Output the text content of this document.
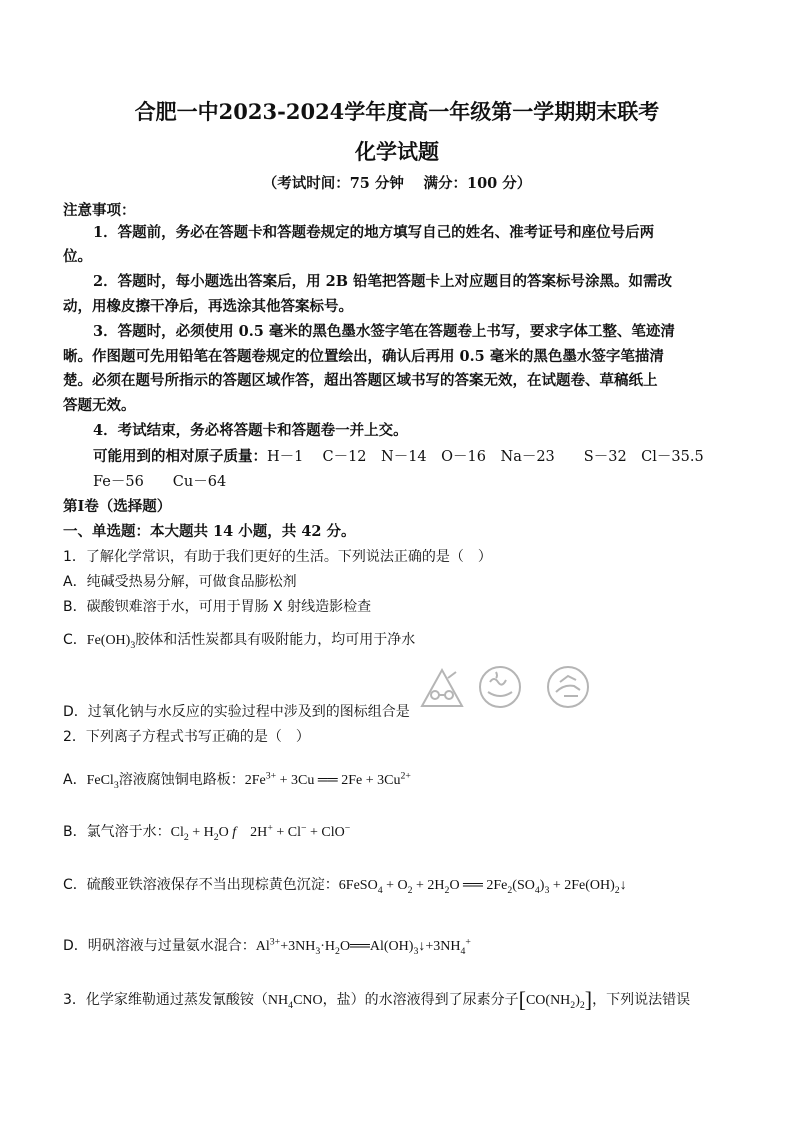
合肥一中2023-2024学年度高一年级第一学期期末联考
化学试题
（考试时间：75 分钟　 满分：100 分）
注意事项：
1．答题前，务必在答题卡和答题卷规定的地方填写自己的姓名、准考证号和座位号后两
位。
2．答题时，每小题选出答案后，用 2B 铅笔把答题卡上对应题目的答案标号涂黑。如需改
动，用橡皮擦干净后，再选涂其他答案标号。
3．答题时，必须使用 0.5 毫米的黑色墨水签字笔在答题卷上书写，要求字体工整、笔迹清
晰。作图题可先用铅笔在答题卷规定的位置绘出，确认后再用 0.5 毫米的黑色墨水签字笔描清
楚。必须在题号所指示的答题区域作答，超出答题区域书写的答案无效，在试题卷、草稿纸上
答题无效。
4．考试结束，务必将答题卡和答题卷一并上交。
可能用到的相对原子质量：H－1　 C－12　N－14　O－16　Na－23　　S－32　Cl－35.5
Fe－56　　Cu－64
第Ⅰ卷（选择题）
一、单选题：本大题共 14 小题，共 42 分。
1．了解化学常识，有助于我们更好的生活。下列说法正确的是（　）
A．纯碱受热易分解，可做食品膨松剂
B．碳酸钡难溶于水，可用于胃肠 X 射线造影检查
C．$Fe(OH)_3$胶体和活性炭都具有吸附能力，均可用于净水
D．过氧化钠与水反应的实验过程中涉及到的图标组合是
2．下列离子方程式书写正确的是（　）
A．FeCl$_3$溶液腐蚀铜电路板：$2Fe^{3+} + 3Cu$ ══ $2Fe + 3Cu^{2+}$
B．氯气溶于水：$Cl_2 + H_2O$ f　2H+ + Cl− + ClO−
C．硫酸亚铁溶液保存不当出现棕黄色沉淀：6FeSO$_4$ + $O_2 + 2H_2O$ ══ $2Fe_2(SO_4)_3$ + $2Fe(OH)_2↓$
D．明矾溶液与过量氨水混合：$Al^{3+}+3NH_3\cdot H_2O══Al(OH)_3↓+3NH_4^+$
3．化学家维勒通过蒸发氰酸铵（$NH_4CNO$，盐）的水溶液得到了尿素分子$[CO(NH_2)_2]$，下列说法错误
